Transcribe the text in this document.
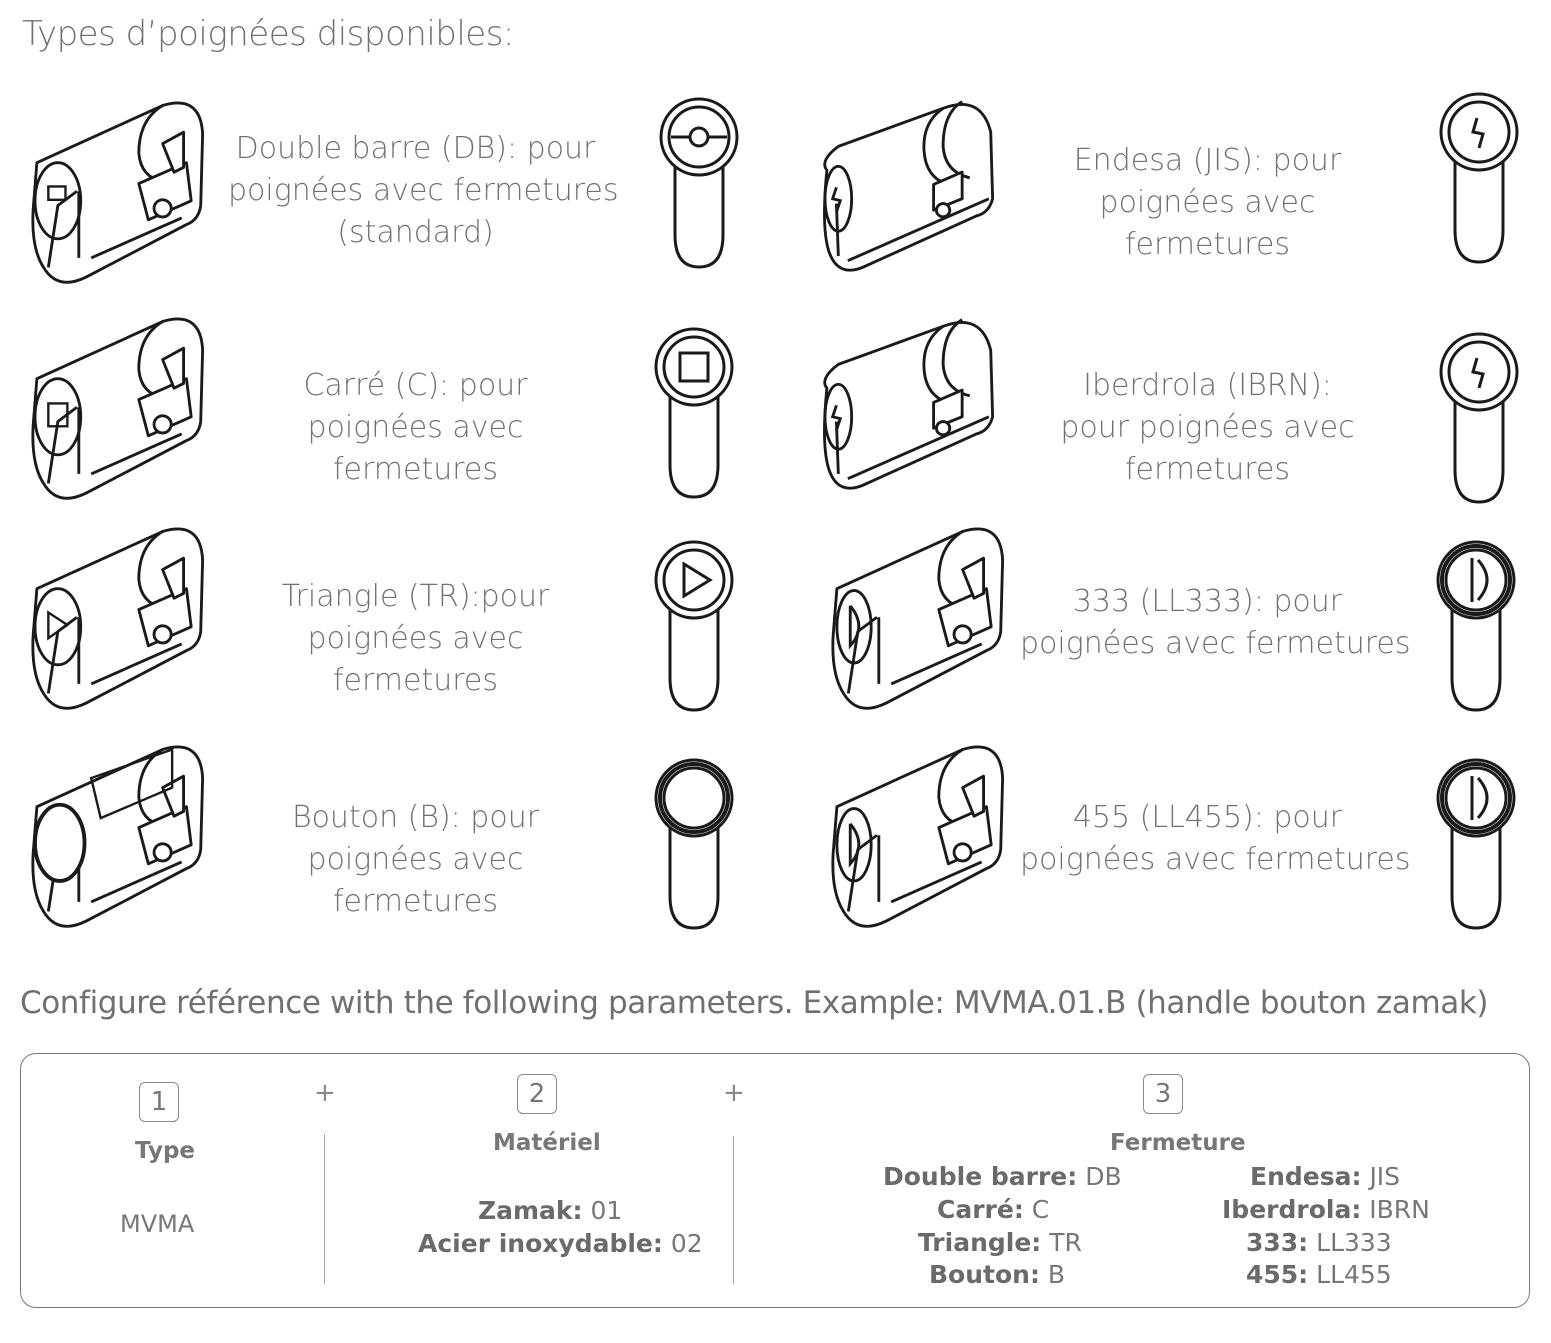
Types d’poignées disponibles:
Double barre (DB): pour
poignées avec fermetures
(standard)
Endesa (JIS): pour
poignées avec
fermetures
Carré (C): pour
poignées avec
fermetures
Iberdrola (IBRN):
pour poignées avec
fermetures
Triangle (TR):pour
poignées avec
fermetures
333 (LL333): pour
poignées avec fermetures
Bouton (B): pour
poignées avec
fermetures
455 (LL455): pour
poignées avec fermetures
Configure référence with the following parameters. Example: MVMA.01.B (handle bouton zamak)
1
Type
MVMA
+	2
Matériel
Zamak: 01
Acier inoxydable: 02
+	3
Fermeture
Double barre: DB
Carré: C
Triangle: TR
Bouton: B
Endesa: JIS
Iberdrola: IBRN
333: LL333
455: LL455
